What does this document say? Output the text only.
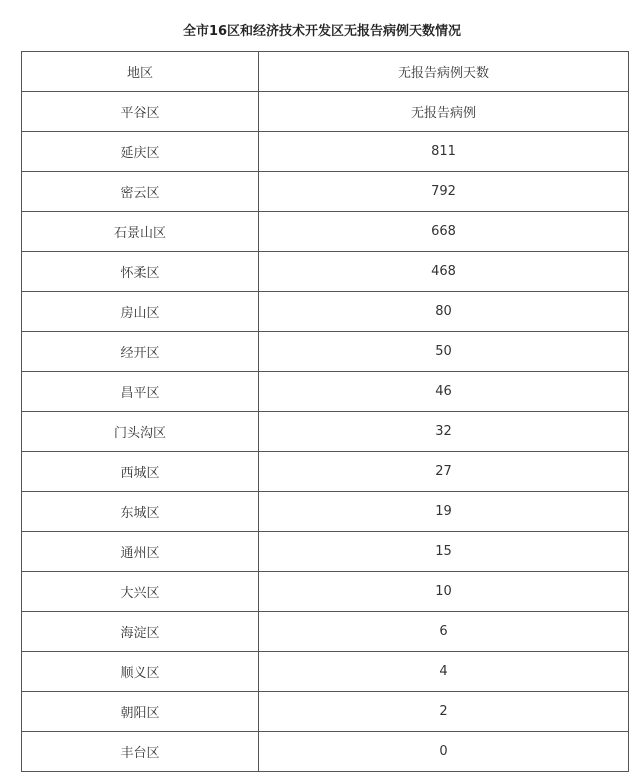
全市16区和经济技术开发区无报告病例天数情况
地区	无报告病例天数
平谷区	无报告病例
延庆区	811
密云区	792
石景山区	668
怀柔区	468
房山区	80
经开区	50
昌平区	46
门头沟区	32
西城区	27
东城区	19
通州区	15
大兴区	10
海淀区	6
顺义区	4
朝阳区	2
丰台区	0
